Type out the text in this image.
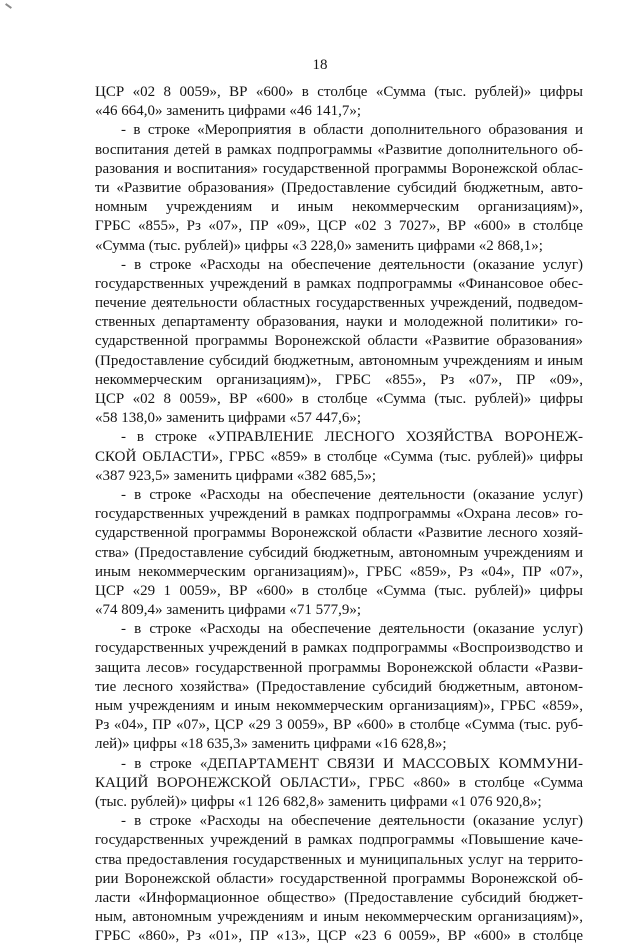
18
ЦСР «02 8 0059», ВР «600» в столбце «Сумма (тыс. рублей)» цифры
«46 664,0» заменить цифрами «46 141,7»;
- в строке «Мероприятия в области дополнительного образования и
воспитания детей в рамках подпрограммы «Развитие дополнительного об-
разования и воспитания» государственной программы Воронежской облас-
ти «Развитие образования» (Предоставление субсидий бюджетным, авто-
номным учреждениям и иным некоммерческим организациям)»,
ГРБС «855», Рз «07», ПР «09», ЦСР «02 3 7027», ВР «600» в столбце
«Сумма (тыс. рублей)» цифры «3 228,0» заменить цифрами «2 868,1»;
- в строке «Расходы на обеспечение деятельности (оказание услуг)
государственных учреждений в рамках подпрограммы «Финансовое обес-
печение деятельности областных государственных учреждений, подведом-
ственных департаменту образования, науки и молодежной политики» го-
сударственной программы Воронежской области «Развитие образования»
(Предоставление субсидий бюджетным, автономным учреждениям и иным
некоммерческим организациям)», ГРБС «855», Рз «07», ПР «09»,
ЦСР «02 8 0059», ВР «600» в столбце «Сумма (тыс. рублей)» цифры
«58 138,0» заменить цифрами «57 447,6»;
- в строке «УПРАВЛЕНИЕ ЛЕСНОГО ХОЗЯЙСТВА ВОРОНЕЖ-
СКОЙ ОБЛАСТИ», ГРБС «859» в столбце «Сумма (тыс. рублей)» цифры
«387 923,5» заменить цифрами «382 685,5»;
- в строке «Расходы на обеспечение деятельности (оказание услуг)
государственных учреждений в рамках подпрограммы «Охрана лесов» го-
сударственной программы Воронежской области «Развитие лесного хозяй-
ства» (Предоставление субсидий бюджетным, автономным учреждениям и
иным некоммерческим организациям)», ГРБС «859», Рз «04», ПР «07»,
ЦСР «29 1 0059», ВР «600» в столбце «Сумма (тыс. рублей)» цифры
«74 809,4» заменить цифрами «71 577,9»;
- в строке «Расходы на обеспечение деятельности (оказание услуг)
государственных учреждений в рамках подпрограммы «Воспроизводство и
защита лесов» государственной программы Воронежской области «Разви-
тие лесного хозяйства» (Предоставление субсидий бюджетным, автоном-
ным учреждениям и иным некоммерческим организациям)», ГРБС «859»,
Рз «04», ПР «07», ЦСР «29 3 0059», ВР «600» в столбце «Сумма (тыс. руб-
лей)» цифры «18 635,3» заменить цифрами «16 628,8»;
- в строке «ДЕПАРТАМЕНТ СВЯЗИ И МАССОВЫХ КОММУНИ-
КАЦИЙ ВОРОНЕЖСКОЙ ОБЛАСТИ», ГРБС «860» в столбце «Сумма
(тыс. рублей)» цифры «1 126 682,8» заменить цифрами «1 076 920,8»;
- в строке «Расходы на обеспечение деятельности (оказание услуг)
государственных учреждений в рамках подпрограммы «Повышение каче-
ства предоставления государственных и муниципальных услуг на террито-
рии Воронежской области» государственной программы Воронежской об-
ласти «Информационное общество» (Предоставление субсидий бюджет-
ным, автономным учреждениям и иным некоммерческим организациям)»,
ГРБС «860», Рз «01», ПР «13», ЦСР «23 6 0059», ВР «600» в столбце
